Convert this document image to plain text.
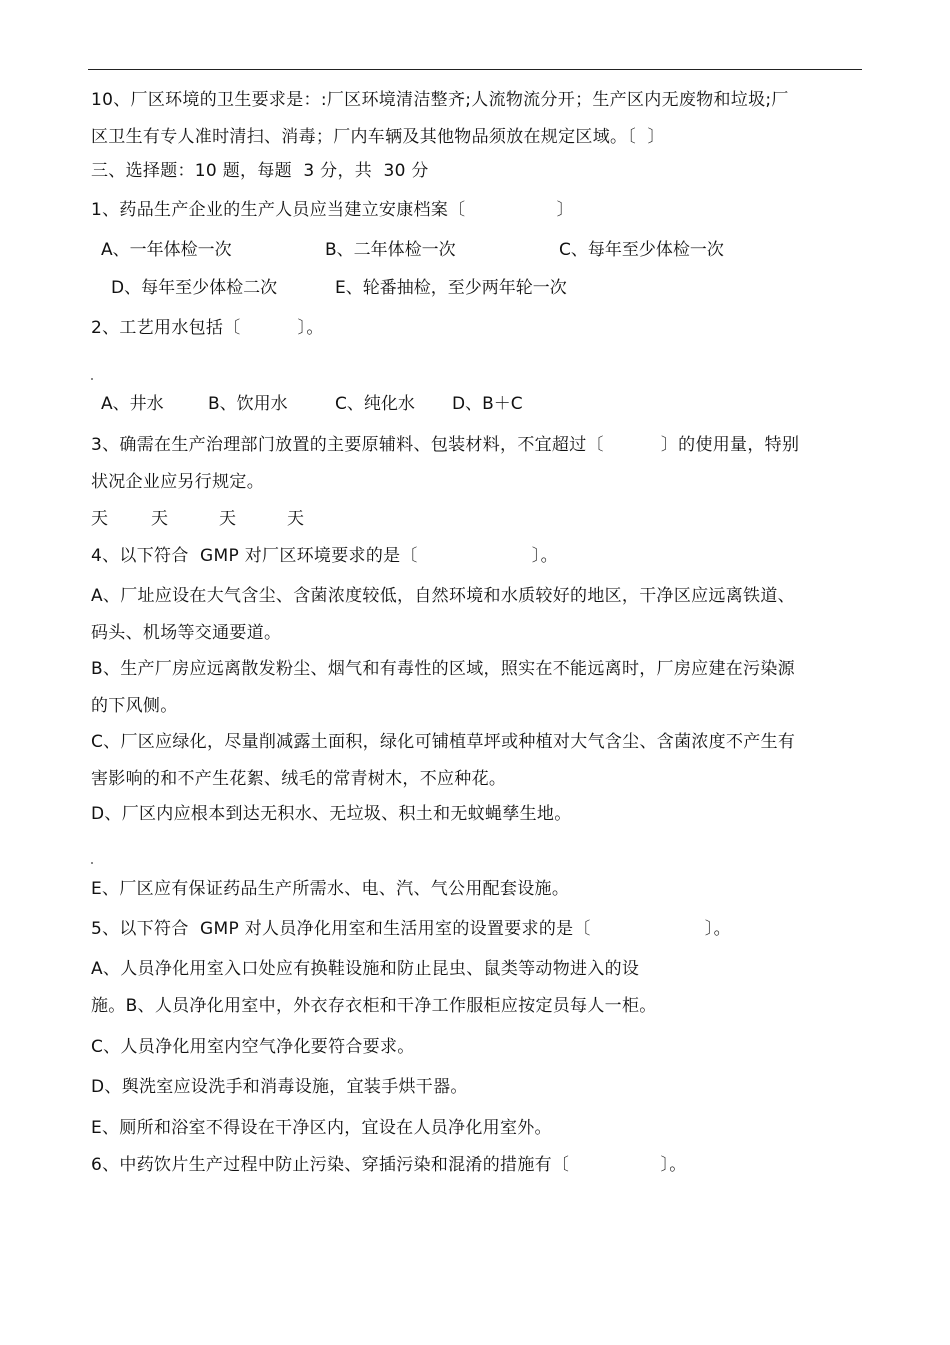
10、厂区环境的卫生要求是：:厂区环境清洁整齐;人流物流分开；生产区内无废物和垃圾;厂
区卫生有专人准时清扫、消毒；厂内车辆及其他物品须放在规定区域。〔  〕
三、选择题：10 题，每题  3 分，共  30 分
1、药品生产企业的生产人员应当建立安康档案〔                〕
A、一年体检一次	B、二年体检一次	C、每年至少体检一次
D、每年至少体检二次	E、轮番抽检，至少两年轮一次
2、工艺用水包括〔          〕。
A、井水	B、饮用水	C、纯化水 D、B＋C
3、确需在生产治理部门放置的主要原辅料、包装材料，不宜超过〔          〕的使用量，特别
状况企业应另行规定。
天	天	天	天
4、以下符合  GMP 对厂区环境要求的是〔                    〕。
A、厂址应设在大气含尘、含菌浓度较低，自然环境和水质较好的地区，干净区应远离铁道、
码头、机场等交通要道。
B、生产厂房应远离散发粉尘、烟气和有毒性的区域，照实在不能远离时，厂房应建在污染源
的下风侧。
C、厂区应绿化，尽量削减露土面积，绿化可铺植草坪或种植对大气含尘、含菌浓度不产生有
害影响的和不产生花絮、绒毛的常青树木，不应种花。
D、厂区内应根本到达无积水、无垃圾、积土和无蚊蝇孳生地。
E、厂区应有保证药品生产所需水、电、汽、气公用配套设施。
5、以下符合  GMP 对人员净化用室和生活用室的设置要求的是〔                    〕。
A、人员净化用室入口处应有换鞋设施和防止昆虫、鼠类等动物进入的设
施。B、人员净化用室中，外衣存衣柜和干净工作服柜应按定员每人一柜。
C、人员净化用室内空气净化要符合要求。
D、舆洗室应设洗手和消毒设施，宜装手烘干器。
E、厕所和浴室不得设在干净区内，宜设在人员净化用室外。
6、中药饮片生产过程中防止污染、穿插污染和混淆的措施有〔                〕。
